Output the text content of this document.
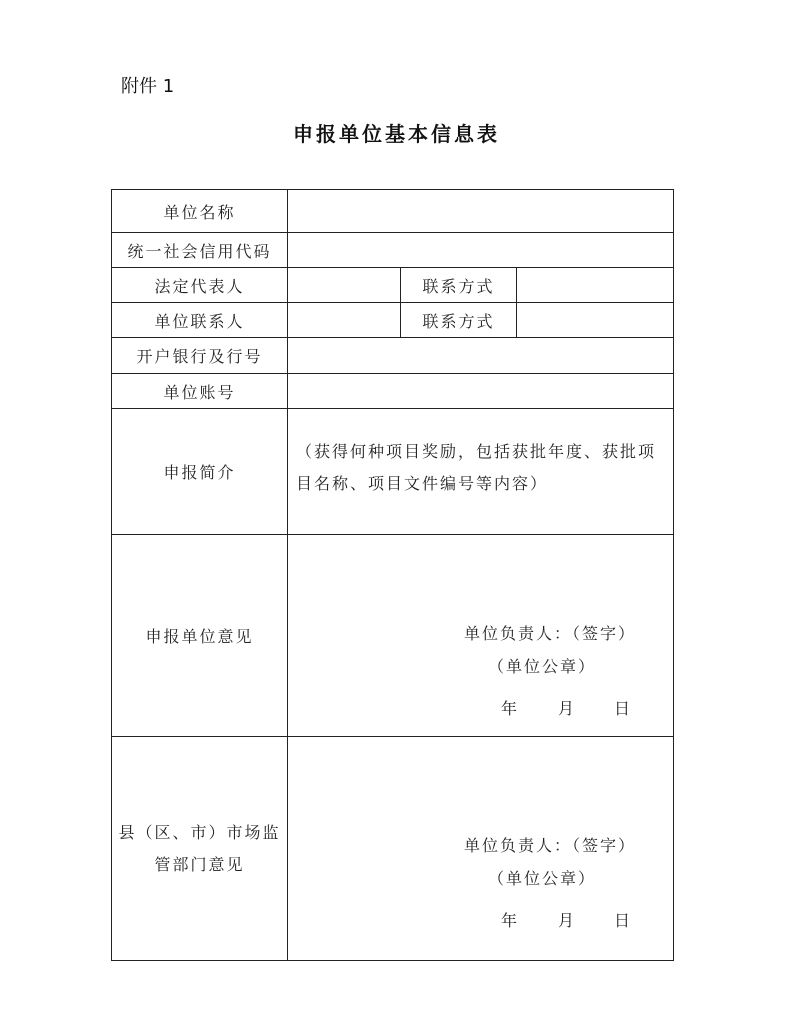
附件 1
申报单位基本信息表
单位名称			

统一社会信用代码			

法定代表人		联系方式	

单位联系人		联系方式	

开户银行及行号			

单位账号			

申报简介	（获得何种项目奖励，包括获批年度、获批项目名称、项目文件编号等内容）		

申报单位意见	单位负责人：（签字）
（单位公章）
年 月 日		

县（区、市）市场监管部门意见	单位负责人：（签字）
（单位公章）
年 月 日		
